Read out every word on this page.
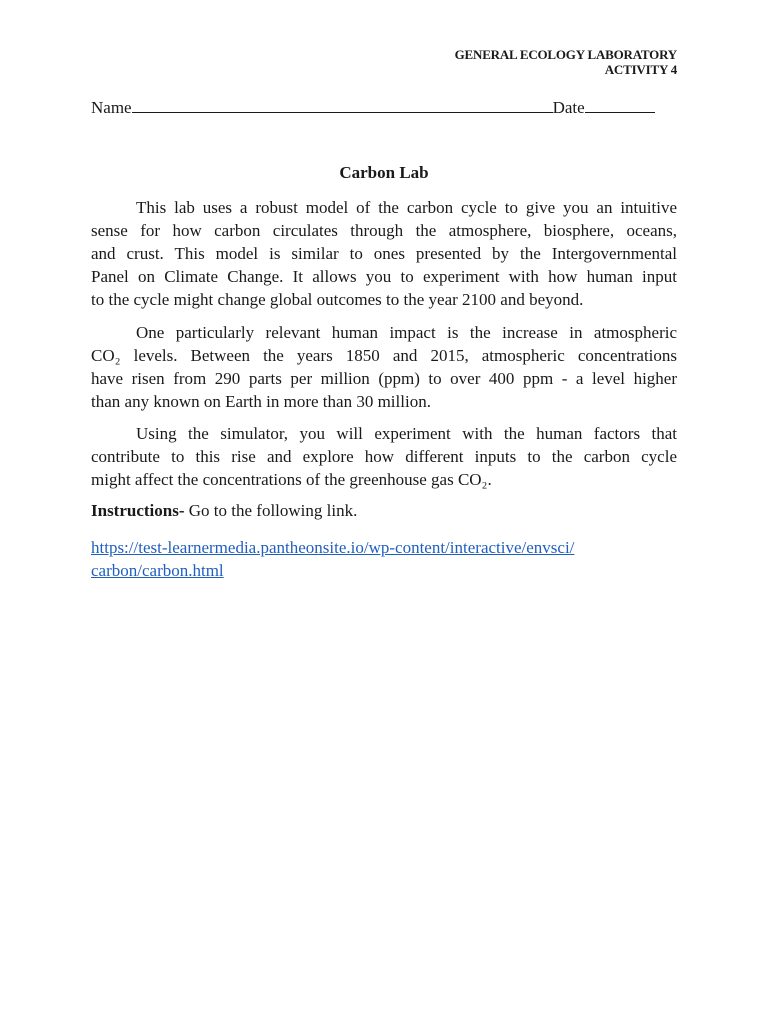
GENERAL ECOLOGY LABORATORY
ACTIVITY 4
Name	Date
Carbon Lab
This lab uses a robust model of the carbon cycle to give you an intuitive
sense for how carbon circulates through the atmosphere, biosphere, oceans,
and crust. This model is similar to ones presented by the Intergovernmental
Panel on Climate Change. It allows you to experiment with how human input
to the cycle might change global outcomes to the year 2100 and beyond.
One particularly relevant human impact is the increase in atmospheric
CO₂ levels. Between the years 1850 and 2015, atmospheric concentrations
have risen from 290 parts per million (ppm) to over 400 ppm - a level higher
than any known on Earth in more than 30 million.
Using the simulator, you will experiment with the human factors that
contribute to this rise and explore how different inputs to the carbon cycle
might affect the concentrations of the greenhouse gas CO₂.
Instructions- Go to the following link.
https://test-learnermedia.pantheonsite.io/wp-content/interactive/envsci/
carbon/carbon.html
